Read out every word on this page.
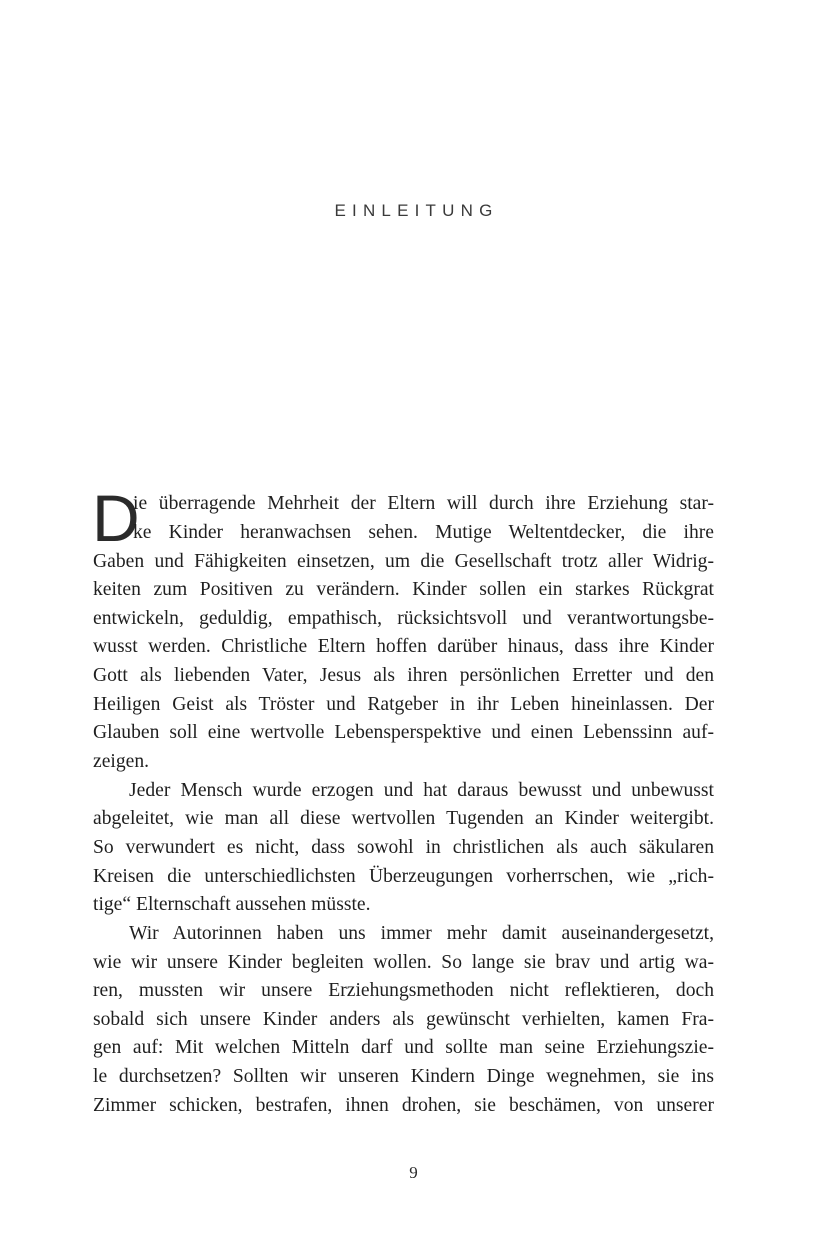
EINLEITUNG
D
ie überragende Mehrheit der Eltern will durch ihre Erziehung star-
ke Kinder heranwachsen sehen. Mutige Weltentdecker, die ihre
Gaben und Fähigkeiten einsetzen, um die Gesellschaft trotz aller Widrig-
keiten zum Positiven zu verändern. Kinder sollen ein starkes Rückgrat
entwickeln, geduldig, empathisch, rücksichtsvoll und verantwortungsbe-
wusst werden. Christliche Eltern hoffen darüber hinaus, dass ihre Kinder
Gott als liebenden Vater, Jesus als ihren persönlichen Erretter und den
Heiligen Geist als Tröster und Ratgeber in ihr Leben hineinlassen. Der
Glauben soll eine wertvolle Lebensperspektive und einen Lebenssinn auf-
zeigen.
Jeder Mensch wurde erzogen und hat daraus bewusst und unbewusst
abgeleitet, wie man all diese wertvollen Tugenden an Kinder weitergibt.
So verwundert es nicht, dass sowohl in christlichen als auch säkularen
Kreisen die unterschiedlichsten Überzeugungen vorherrschen, wie „rich-
tige“ Elternschaft aussehen müsste.
Wir Autorinnen haben uns immer mehr damit auseinandergesetzt,
wie wir unsere Kinder begleiten wollen. So lange sie brav und artig wa-
ren, mussten wir unsere Erziehungsmethoden nicht reflektieren, doch
sobald sich unsere Kinder anders als gewünscht verhielten, kamen Fra-
gen auf: Mit welchen Mitteln darf und sollte man seine Erziehungszie-
le durchsetzen? Sollten wir unseren Kindern Dinge wegnehmen, sie ins
Zimmer schicken, bestrafen, ihnen drohen, sie beschämen, von unserer
9
